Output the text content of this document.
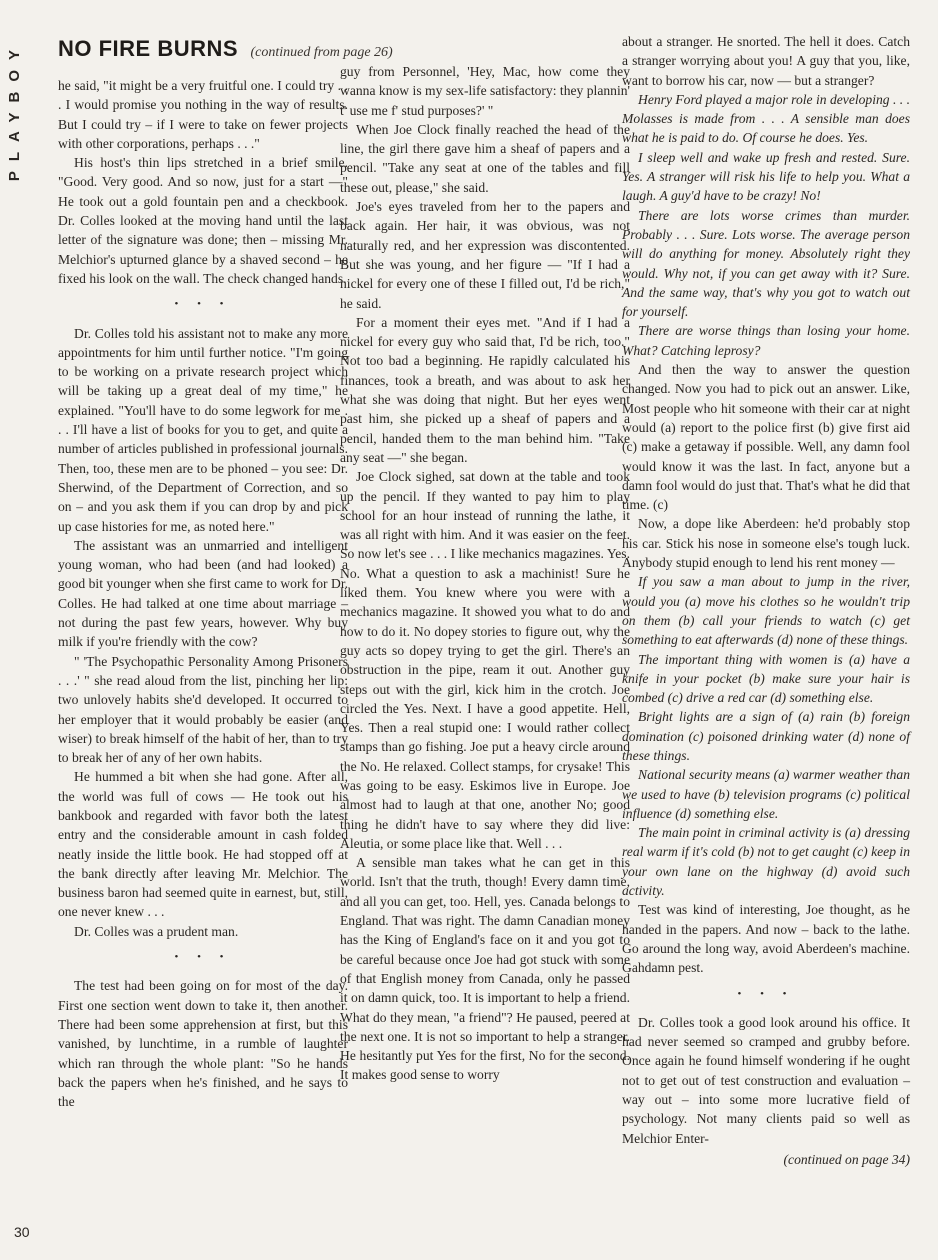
PLAYBOY NO FIRE BURNS (continued from page 26)

he said, "it might be a very fruitful one. I could try . . . I would promise you nothing in the way of results. But I could try – if I were to take on fewer projects with other corporations, perhaps . . ."

His host's thin lips stretched in a brief smile. "Good. Very good. And so now, just for a start —" He took out a gold fountain pen and a checkbook. Dr. Colles looked at the moving hand until the last letter of the signature was done; then – missing Mr. Melchior's upturned glance by a shaved second – he fixed his look on the wall. The check changed hands.

• • •

Dr. Colles told his assistant not to make any more appointments for him until further notice. "I'm going to be working on a private research project which will be taking up a great deal of my time," he explained. "You'll have to do some legwork for me . . . I'll have a list of books for you to get, and quite a number of articles published in professional journals. Then, too, these men are to be phoned – you see: Dr. Sherwind, of the Department of Correction, and so on – and you ask them if you can drop by and pick up case histories for me, as noted here."

The assistant was an unmarried and intelligent young woman, who had been (and had looked) a good bit younger when she first came to work for Dr. Colles. He had talked at one time about marriage – not during the past few years, however. Why buy milk if you're friendly with the cow?

" 'The Psychopathic Personality Among Prisoners . . .' " she read aloud from the list, pinching her lip: two unlovely habits she'd developed. It occurred to her employer that it would probably be easier (and wiser) to break himself of the habit of her, than to try to break her of any of her own habits.

He hummed a bit when she had gone. After all, the world was full of cows — He took out his bankbook and regarded with favor both the latest entry and the considerable amount in cash folded neatly inside the little book. He had stopped off at the bank directly after leaving Mr. Melchior. The business baron had seemed quite in earnest, but, still, one never knew . . .

Dr. Colles was a prudent man.

• • •

The test had been going on for most of the day. First one section went down to take it, then another. There had been some apprehension at first, but this vanished, by lunchtime, in a rumble of laughter which ran through the whole plant: "So he hands back the papers when he's finished, and he says to the

guy from Personnel, 'Hey, Mac, how come they wanna know is my sex-life satisfactory: they plannin' t' use me f' stud purposes?' "

When Joe Clock finally reached the head of the line, the girl there gave him a sheaf of papers and a pencil. "Take any seat at one of the tables and fill these out, please," she said.

Joe's eyes traveled from her to the papers and back again. Her hair, it was obvious, was not naturally red, and her expression was discontented. But she was young, and her figure — "If I had a nickel for every one of these I filled out, I'd be rich," he said.

For a moment their eyes met. "And if I had a nickel for every guy who said that, I'd be rich, too." Not too bad a beginning. He rapidly calculated his finances, took a breath, and was about to ask her what she was doing that night. But her eyes went past him, she picked up a sheaf of papers and a pencil, handed them to the man behind him. "Take any seat —" she began.

Joe Clock sighed, sat down at the table and took up the pencil. If they wanted to pay him to play school for an hour instead of running the lathe, it was all right with him. And it was easier on the feet. So now let's see . . . I like mechanics magazines. Yes. No. What a question to ask a machinist! Sure he liked them. You knew where you were with a mechanics magazine. It showed you what to do and how to do it. No dopey stories to figure out, why the guy acts so dopey trying to get the girl. There's an obstruction in the pipe, ream it out. Another guy steps out with the girl, kick him in the crotch. Joe circled the Yes. Next. I have a good appetite. Hell, Yes. Then a real stupid one: I would rather collect stamps than go fishing. Joe put a heavy circle around the No. He relaxed. Collect stamps, for crysake! This was going to be easy. Eskimos live in Europe. Joe almost had to laugh at that one, another No; good thing he didn't have to say where they did live: Aleutia, or some place like that. Well . . .

A sensible man takes what he can get in this world. Isn't that the truth, though! Every damn time, and all you can get, too. Hell, yes. Canada belongs to England. That was right. The damn Canadian money has the King of England's face on it and you got to be careful because once Joe had got stuck with some of that English money from Canada, only he passed it on damn quick, too. It is important to help a friend. What do they mean, "a friend"? He paused, peered at the next one. It is not so important to help a stranger. He hesitantly put Yes for the first, No for the second. It makes good sense to worry

about a stranger. He snorted. The hell it does. Catch a stranger worrying about you! A guy that you, like, want to borrow his car, now — but a stranger?

Henry Ford played a major role in developing . . . Molasses is made from . . . A sensible man does what he is paid to do. Of course he does. Yes.

I sleep well and wake up fresh and rested. Sure. Yes. A stranger will risk his life to help you. What a laugh. A guy'd have to be crazy! No!

There are lots worse crimes than murder. Probably . . . Sure. Lots worse. The average person will do anything for money. Absolutely right they would. Why not, if you can get away with it? Sure. And the same way, that's why you got to watch out for yourself.

There are worse things than losing your home. What? Catching leprosy?

And then the way to answer the question changed. Now you had to pick out an answer. Like, Most people who hit someone with their car at night would (a) report to the police first (b) give first aid (c) make a getaway if possible. Well, any damn fool would know it was the last. In fact, anyone but a damn fool would do just that. That's what he did that time. (c)

Now, a dope like Aberdeen: he'd probably stop his car. Stick his nose in someone else's tough luck. Anybody stupid enough to lend his rent money —

If you saw a man about to jump in the river, would you (a) move his clothes so he wouldn't trip on them (b) call your friends to watch (c) get something to eat afterwards (d) none of these things.

The important thing with women is (a) have a knife in your pocket (b) make sure your hair is combed (c) drive a red car (d) something else.

Bright lights are a sign of (a) rain (b) foreign domination (c) poisoned drinking water (d) none of these things.

National security means (a) warmer weather than we used to have (b) television programs (c) political influence (d) something else.

The main point in criminal activity is (a) dressing real warm if it's cold (b) not to get caught (c) keep in your own lane on the highway (d) avoid such activity.

Test was kind of interesting, Joe thought, as he handed in the papers. And now – back to the lathe. Go around the long way, avoid Aberdeen's machine. Gahdamn pest.

• • •

Dr. Colles took a good look around his office. It had never seemed so cramped and grubby before. Once again he found himself wondering if he ought not to get out of test construction and evaluation – way out – into some more lucrative field of psychology. Not many clients paid so well as Melchior Enter-

(continued on page 34)
30
